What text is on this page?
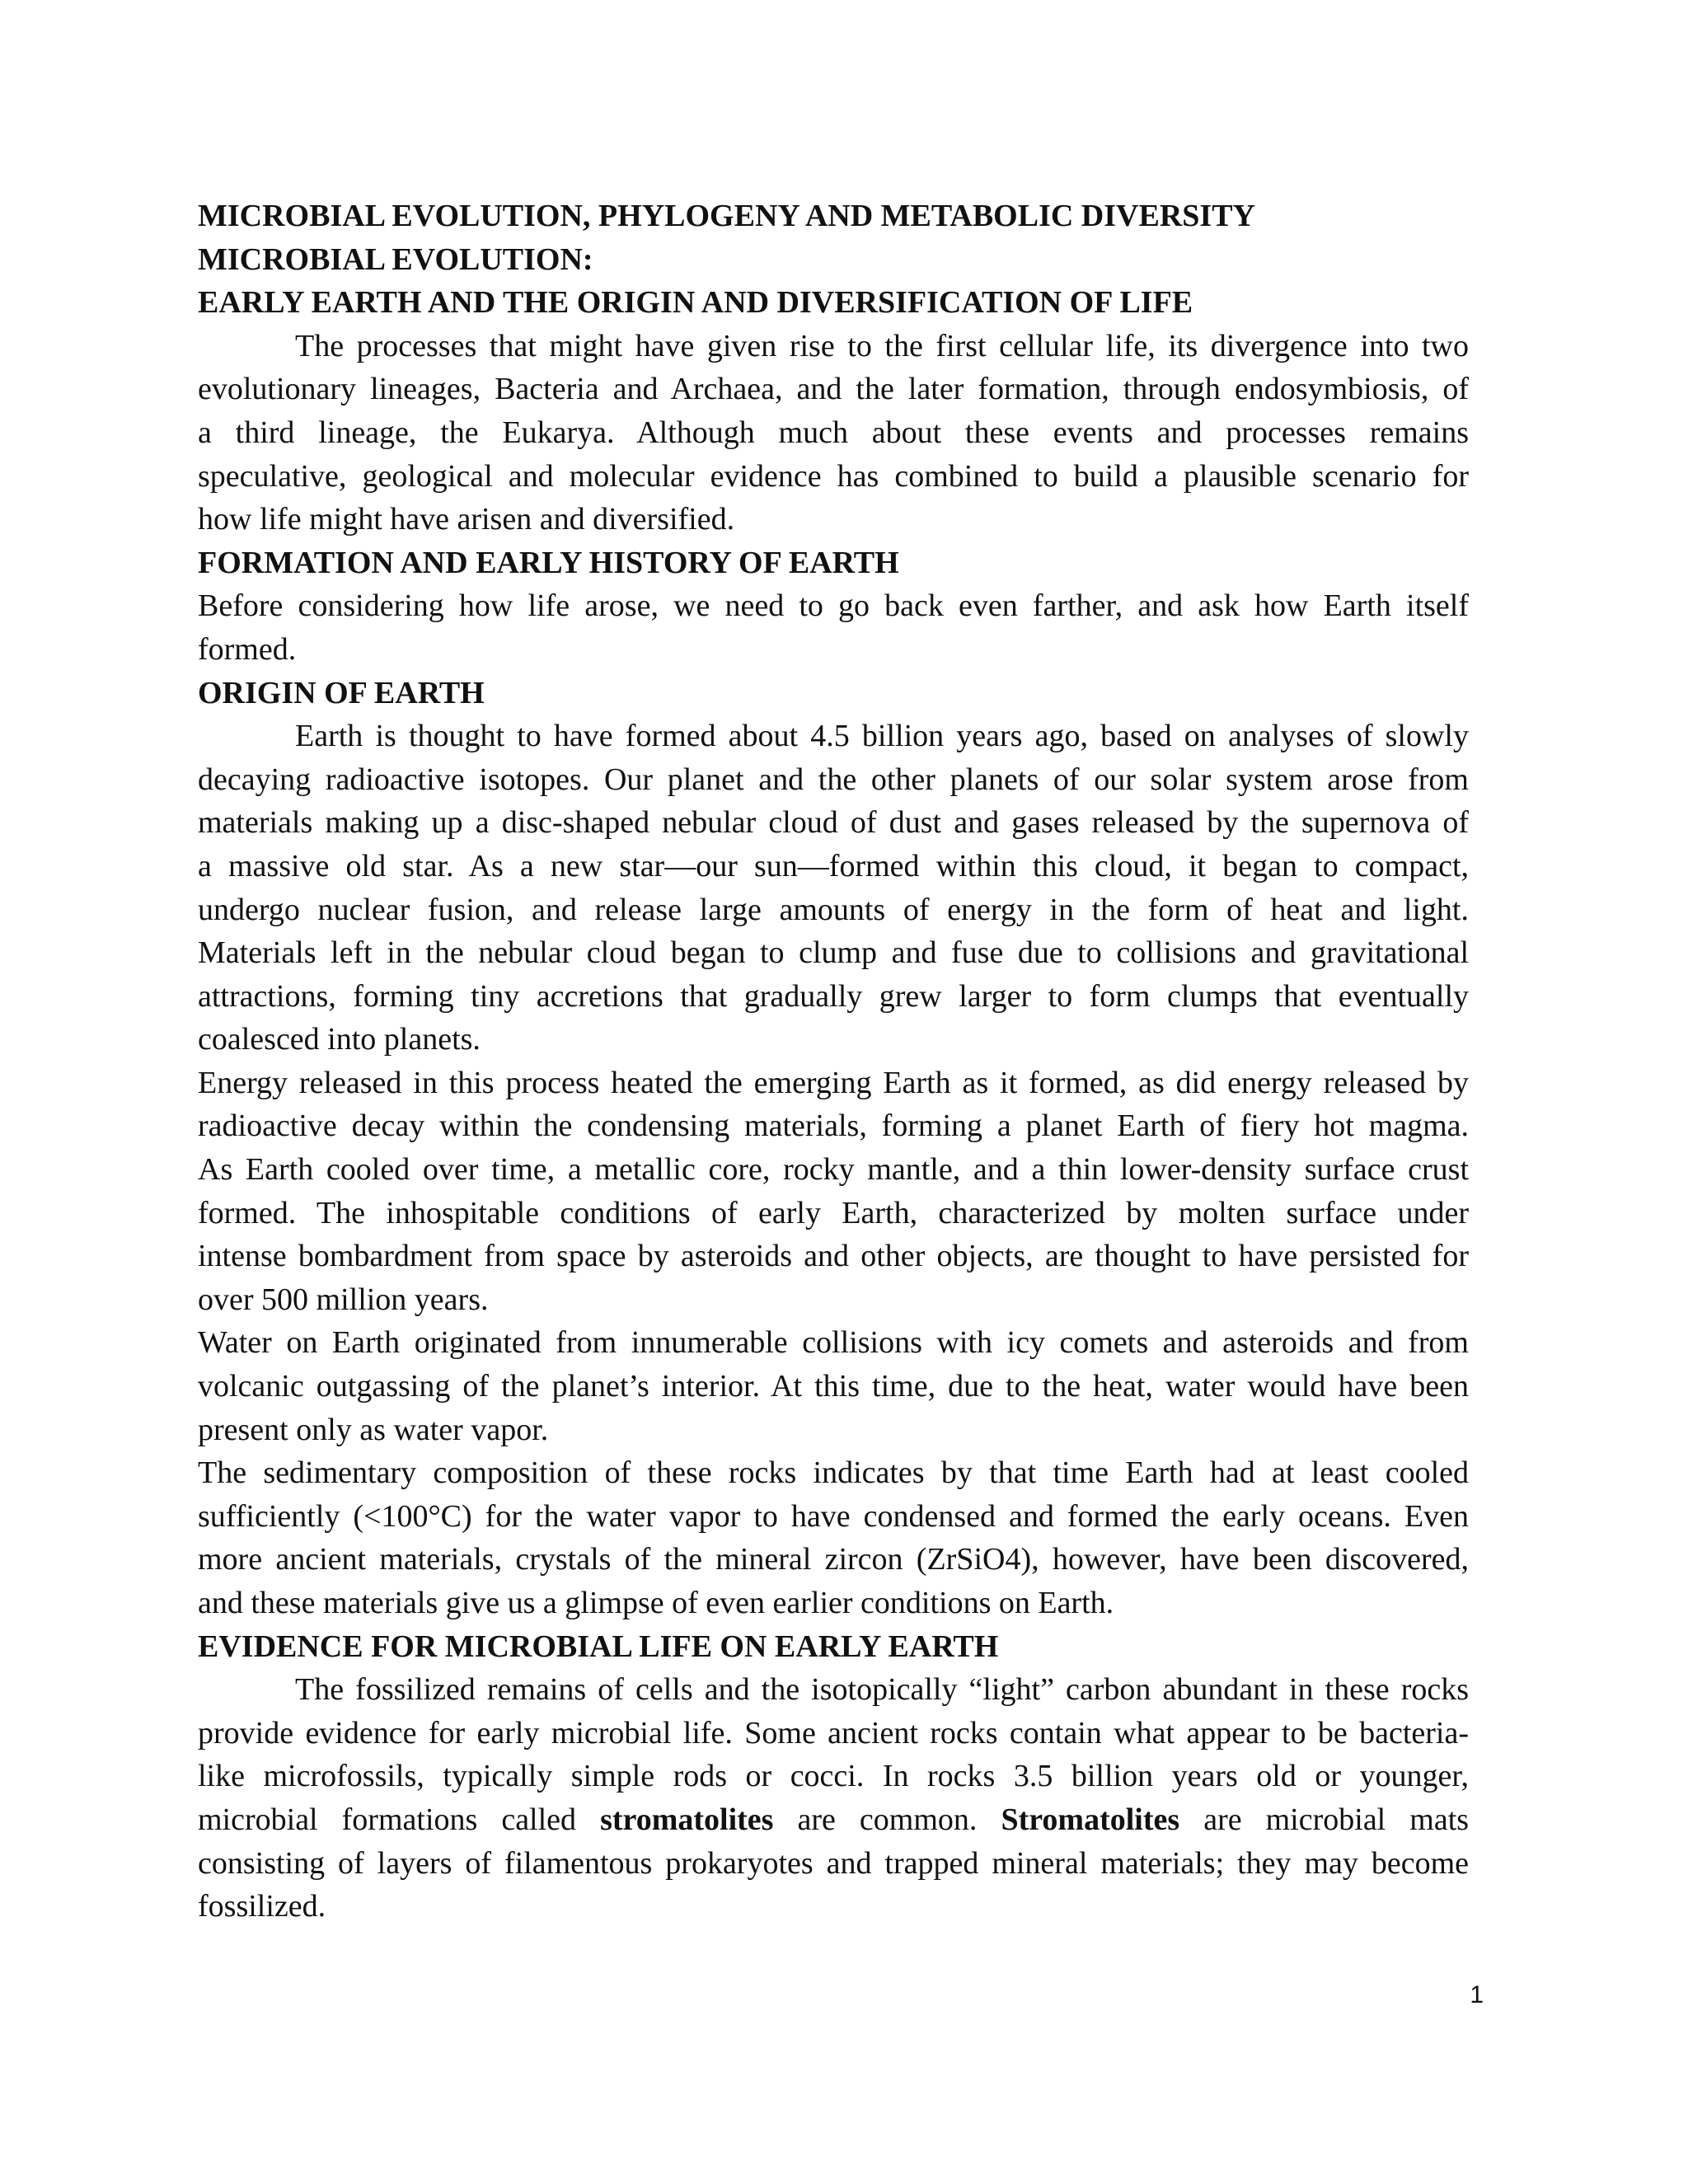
MICROBIAL EVOLUTION, PHYLOGENY AND METABOLIC DIVERSITY

MICROBIAL EVOLUTION:

EARLY EARTH AND THE ORIGIN AND DIVERSIFICATION OF LIFE

The processes that might have given rise to the first cellular life, its divergence into two

evolutionary lineages, Bacteria and Archaea, and the later formation, through endosymbiosis, of

a third lineage, the Eukarya. Although much about these events and processes remains

speculative, geological and molecular evidence has combined to build a plausible scenario for

how life might have arisen and diversified.

FORMATION AND EARLY HISTORY OF EARTH

Before considering how life arose, we need to go back even farther, and ask how Earth itself

formed.

ORIGIN OF EARTH

Earth is thought to have formed about 4.5 billion years ago, based on analyses of slowly

decaying radioactive isotopes. Our planet and the other planets of our solar system arose from

materials making up a disc-shaped nebular cloud of dust and gases released by the supernova of

a massive old star. As a new star—our sun—formed within this cloud, it began to compact,

undergo nuclear fusion, and release large amounts of energy in the form of heat and light.

Materials left in the nebular cloud began to clump and fuse due to collisions and gravitational

attractions, forming tiny accretions that gradually grew larger to form clumps that eventually

coalesced into planets.

Energy released in this process heated the emerging Earth as it formed, as did energy released by

radioactive decay within the condensing materials, forming a planet Earth of fiery hot magma.

As Earth cooled over time, a metallic core, rocky mantle, and a thin lower-density surface crust

formed. The inhospitable conditions of early Earth, characterized by molten surface under

intense bombardment from space by asteroids and other objects, are thought to have persisted for

over 500 million years.

Water on Earth originated from innumerable collisions with icy comets and asteroids and from

volcanic outgassing of the planet’s interior. At this time, due to the heat, water would have been

present only as water vapor.

The sedimentary composition of these rocks indicates by that time Earth had at least cooled

sufficiently (<100°C) for the water vapor to have condensed and formed the early oceans. Even

more ancient materials, crystals of the mineral zircon (ZrSiO4), however, have been discovered,

and these materials give us a glimpse of even earlier conditions on Earth.

EVIDENCE FOR MICROBIAL LIFE ON EARLY EARTH

The fossilized remains of cells and the isotopically “light” carbon abundant in these rocks

provide evidence for early microbial life. Some ancient rocks contain what appear to be bacteria-

like microfossils, typically simple rods or cocci. In rocks 3.5 billion years old or younger,

microbial formations called stromatolites are common. Stromatolites are microbial mats

consisting of layers of filamentous prokaryotes and trapped mineral materials; they may become

fossilized.

1
